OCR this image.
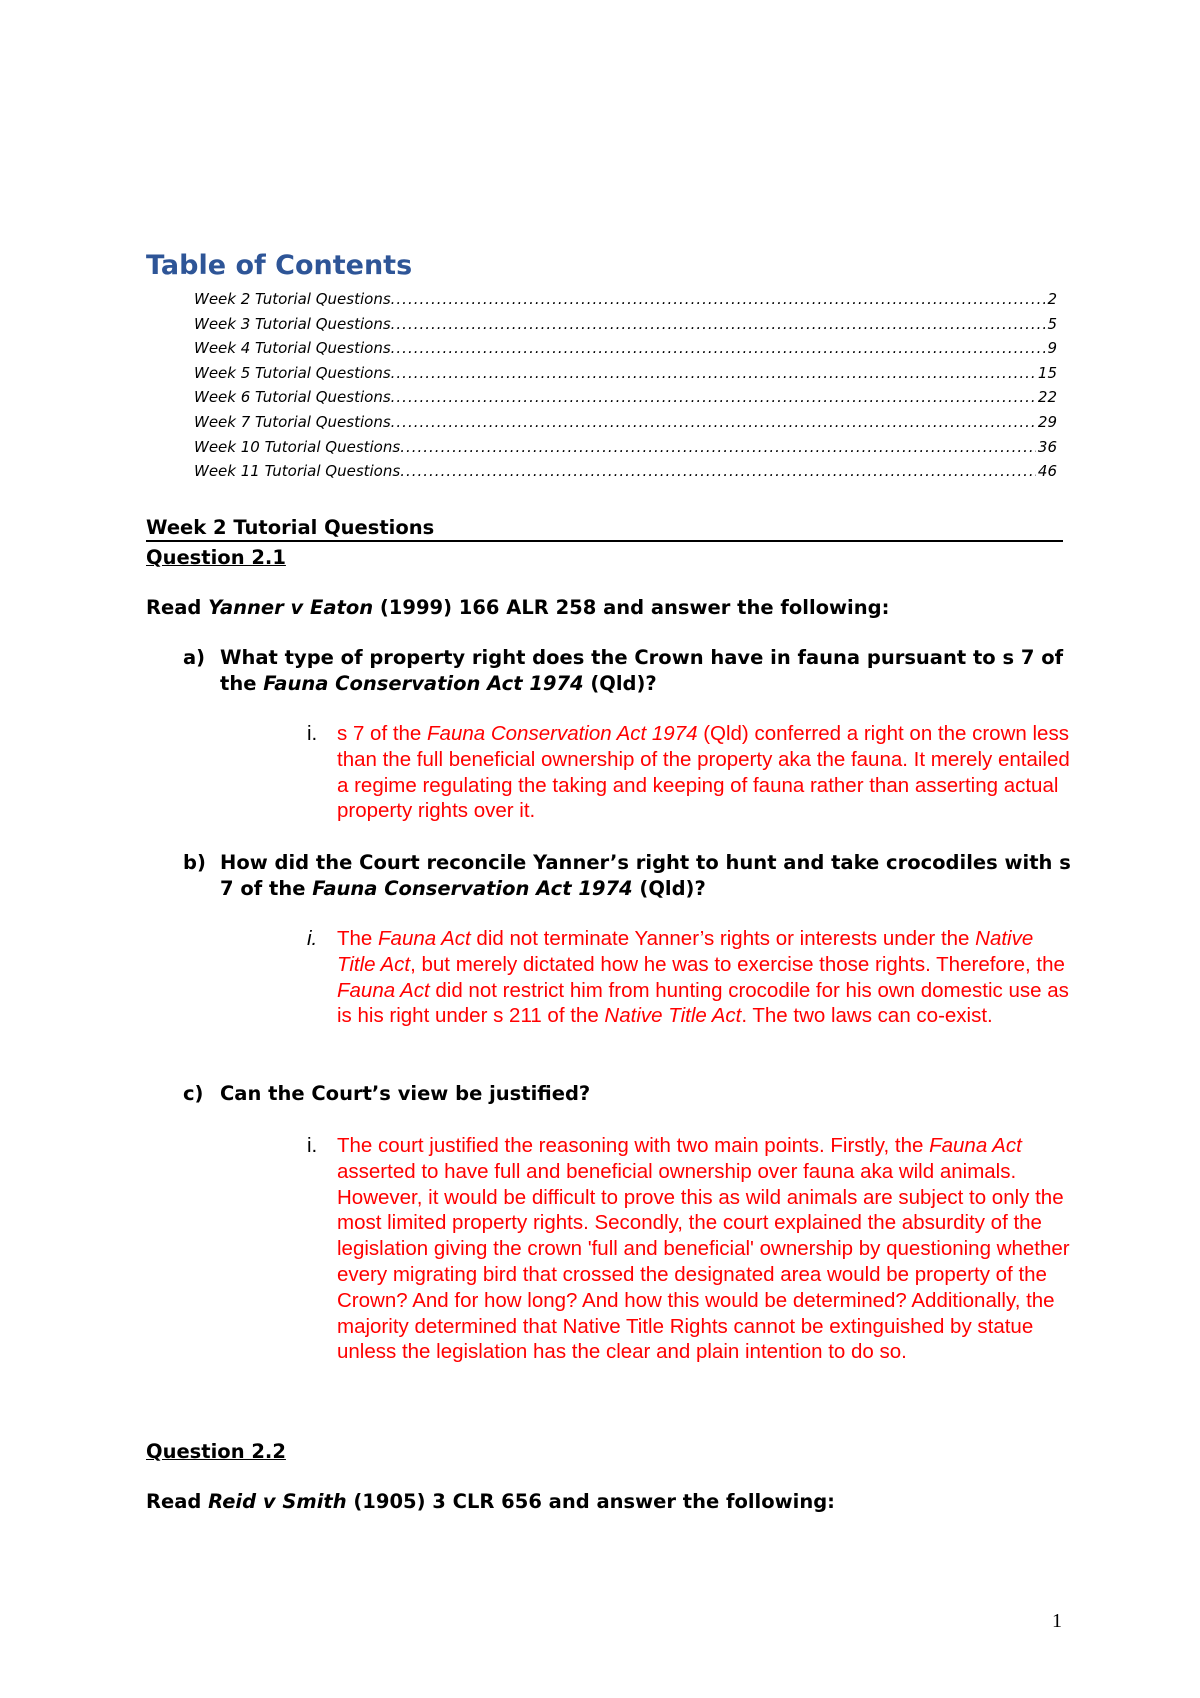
Table of Contents
Week 2 Tutorial Questions .....	2
Week 3 Tutorial Questions .....	5
Week 4 Tutorial Questions .....	9
Week 5 Tutorial Questions .....	15
Week 6 Tutorial Questions .....	22
Week 7 Tutorial Questions .....	29
Week 10 Tutorial Questions .....	36
Week 11 Tutorial Questions .....	46
Week 2 Tutorial Questions
Question 2.1

Read Yanner v Eaton (1999) 166 ALR 258 and answer the following:

a) What type of property right does the Crown have in fauna pursuant to s 7 of the Fauna Conservation Act 1974 (Qld)?
i. s 7 of the Fauna Conservation Act 1974 (Qld) conferred a right on the crown less than the full beneficial ownership of the property aka the fauna. It merely entailed a regime regulating the taking and keeping of fauna rather than asserting actual property rights over it.
b) How did the Court reconcile Yanner’s right to hunt and take crocodiles with s 7 of the Fauna Conservation Act 1974 (Qld)?
i. The Fauna Act did not terminate Yanner’s rights or interests under the Native Title Act, but merely dictated how he was to exercise those rights. Therefore, the Fauna Act did not restrict him from hunting crocodile for his own domestic use as is his right under s 211 of the Native Title Act. The two laws can co-exist.
c) Can the Court’s view be justified?
i. The court justified the reasoning with two main points. Firstly, the Fauna Act asserted to have full and beneficial ownership over fauna aka wild animals. However, it would be difficult to prove this as wild animals are subject to only the most limited property rights. Secondly, the court explained the absurdity of the legislation giving the crown 'full and beneficial' ownership by questioning whether every migrating bird that crossed the designated area would be property of the Crown? And for how long? And how this would be determined? Additionally, the majority determined that Native Title Rights cannot be extinguished by statue unless the legislation has the clear and plain intention to do so.
Question 2.2

Read Reid v Smith (1905) 3 CLR 656 and answer the following:

1
